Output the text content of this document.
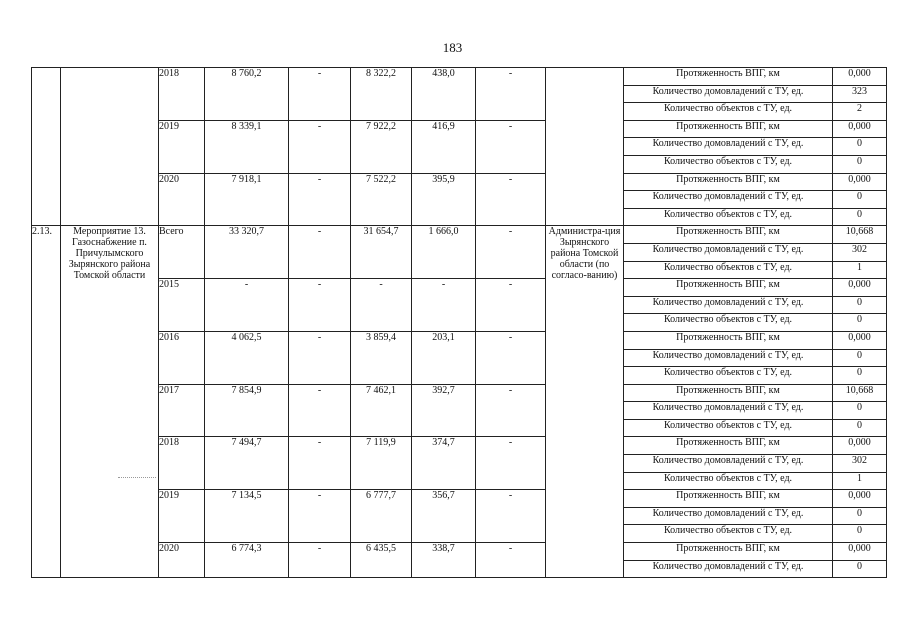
183
		2018	8 760,2	-	8 322,2	438,0	-		Протяженность ВПГ, км	0,000
									Количество домовладений с ТУ, ед.	323
									Количество объектов с ТУ, ед.	2
		2019	8 339,1	-	7 922,2	416,9	-		Протяженность ВПГ, км	0,000
									Количество домовладений с ТУ, ед.	0
									Количество объектов с ТУ, ед.	0
		2020	7 918,1	-	7 522,2	395,9	-		Протяженность ВПГ, км	0,000
									Количество домовладений с ТУ, ед.	0
									Количество объектов с ТУ, ед.	0
2.13.	Мероприятие 13. Газоснабжение п. Причулымского Зырянского района Томской области	Всего	33 320,7	-	31 654,7	1 666,0	-	Администра-ция Зырянского района Томской области (по согласо-ванию)	Протяженность ВПГ, км	10,668
									Количество домовладений с ТУ, ед.	302
									Количество объектов с ТУ, ед.	1
		2015	-	-	-	-	-		Протяженность ВПГ, км	0,000
									Количество домовладений с ТУ, ед.	0
									Количество объектов с ТУ, ед.	0
		2016	4 062,5	-	3 859,4	203,1	-		Протяженность ВПГ, км	0,000
									Количество домовладений с ТУ, ед.	0
									Количество объектов с ТУ, ед.	0
		2017	7 854,9	-	7 462,1	392,7	-		Протяженность ВПГ, км	10,668
									Количество домовладений с ТУ, ед.	0
									Количество объектов с ТУ, ед.	0
		2018	7 494,7	-	7 119,9	374,7	-		Протяженность ВПГ, км	0,000
									Количество домовладений с ТУ, ед.	302
									Количество объектов с ТУ, ед.	1
		2019	7 134,5	-	6 777,7	356,7	-		Протяженность ВПГ, км	0,000
									Количество домовладений с ТУ, ед.	0
									Количество объектов с ТУ, ед.	0
		2020	6 774,3	-	6 435,5	338,7	-		Протяженность ВПГ, км	0,000
									Количество домовладений с ТУ, ед.	0
